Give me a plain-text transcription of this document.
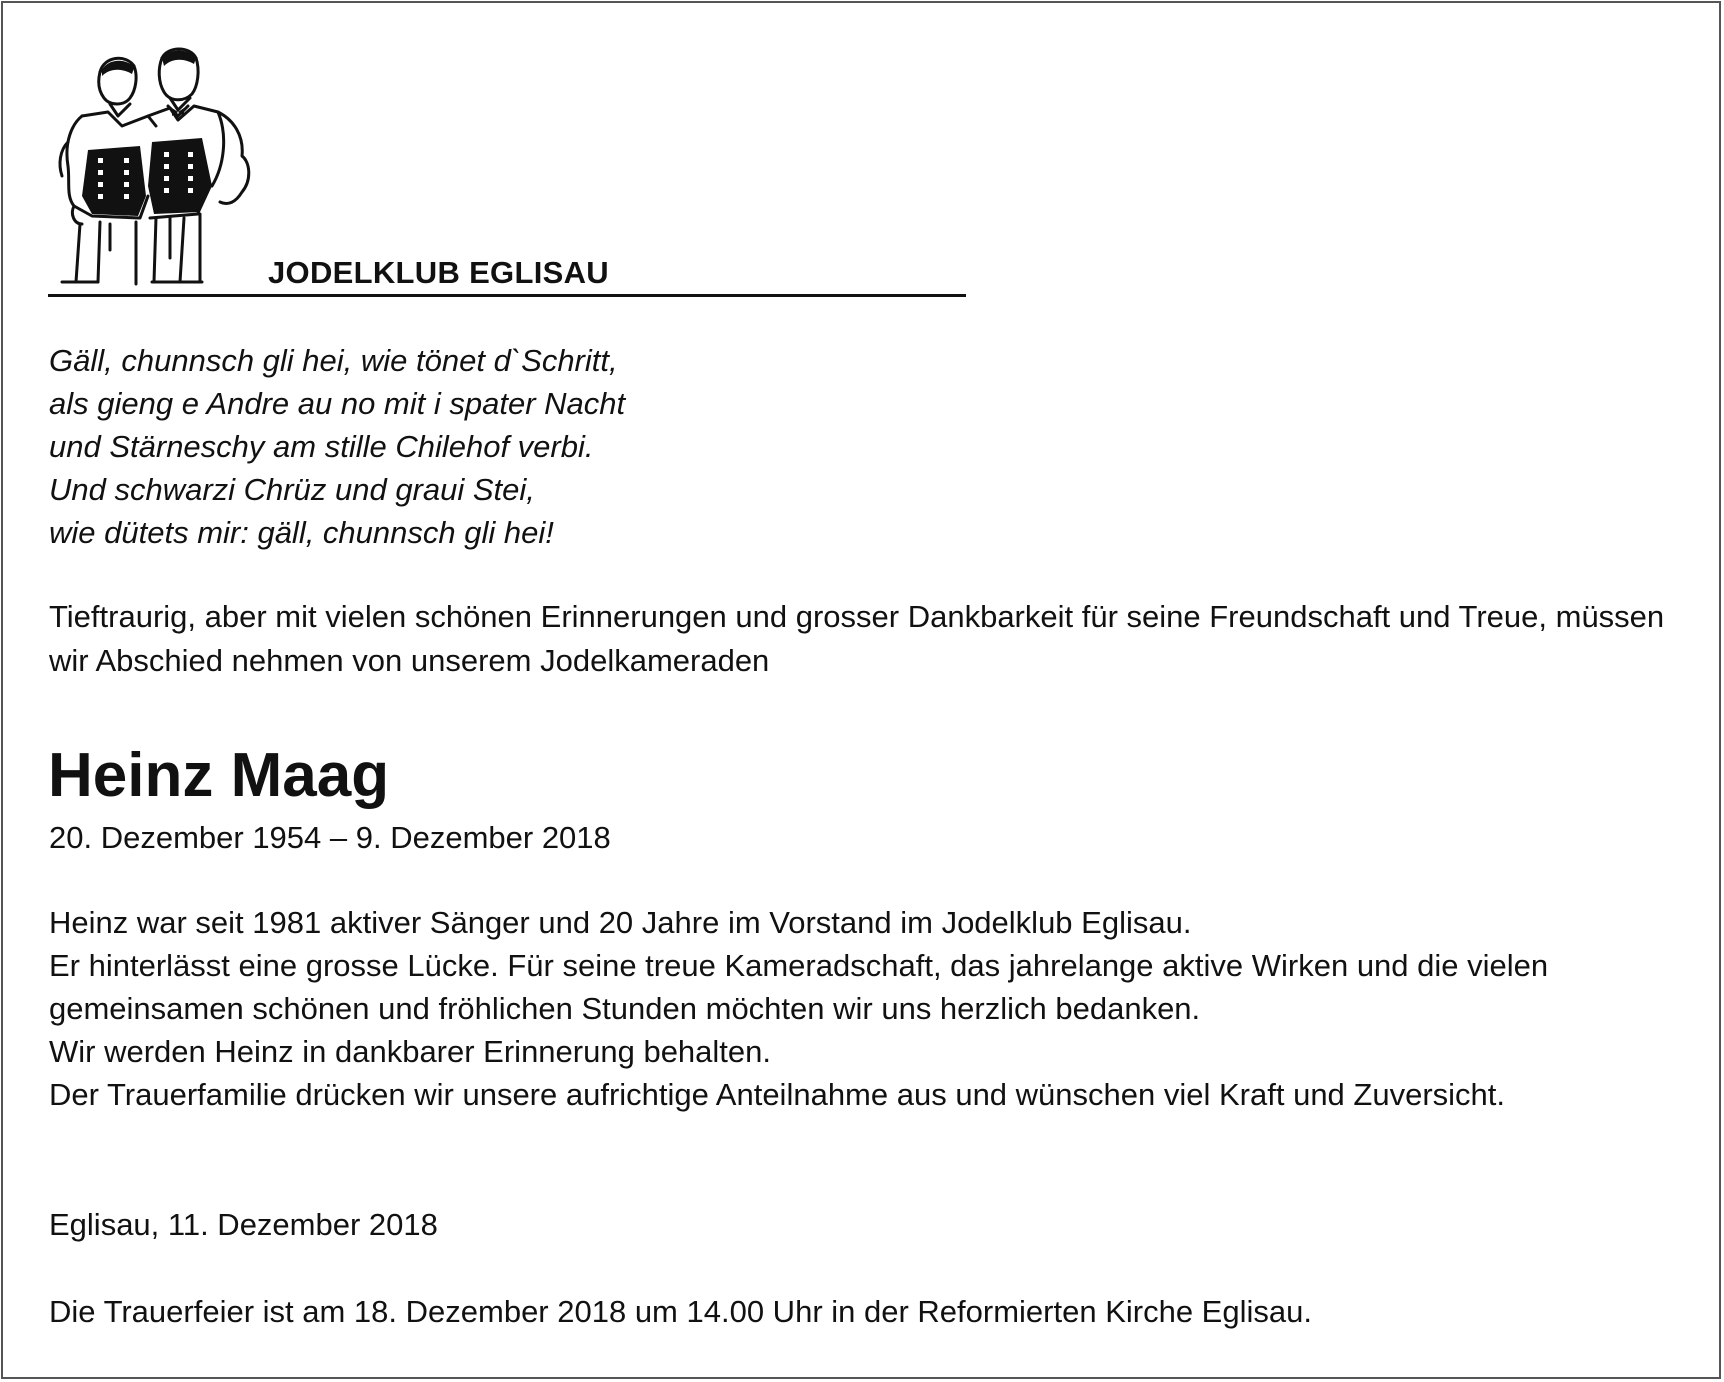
JODELKLUB EGLISAU
Gäll, chunnsch gli hei, wie tönet d`Schritt,
als gieng e Andre au no mit i spater Nacht
und Stärneschy am stille Chilehof verbi.
Und schwarzi Chrüz und graui Stei,
wie dütets mir: gäll, chunnsch gli hei!
Tieftraurig, aber mit vielen schönen Erinnerungen und grosser Dankbarkeit für seine Freundschaft und Treue, müssen wir Abschied nehmen von unserem Jodelkameraden
Heinz Maag
20. Dezember 1954 – 9. Dezember 2018
Heinz war seit 1981 aktiver Sänger und 20 Jahre im Vorstand im Jodelklub Eglisau.
Er hinterlässt eine grosse Lücke. Für seine treue Kameradschaft, das jahrelange aktive Wirken und die vielen gemeinsamen schönen und fröhlichen Stunden möchten wir uns herzlich bedanken.
Wir werden Heinz in dankbarer Erinnerung behalten.
Der Trauerfamilie drücken wir unsere aufrichtige Anteilnahme aus und wünschen viel Kraft und Zuversicht.
Eglisau, 11. Dezember 2018
Die Trauerfeier ist am 18. Dezember 2018 um 14.00 Uhr in der Reformierten Kirche Eglisau.
